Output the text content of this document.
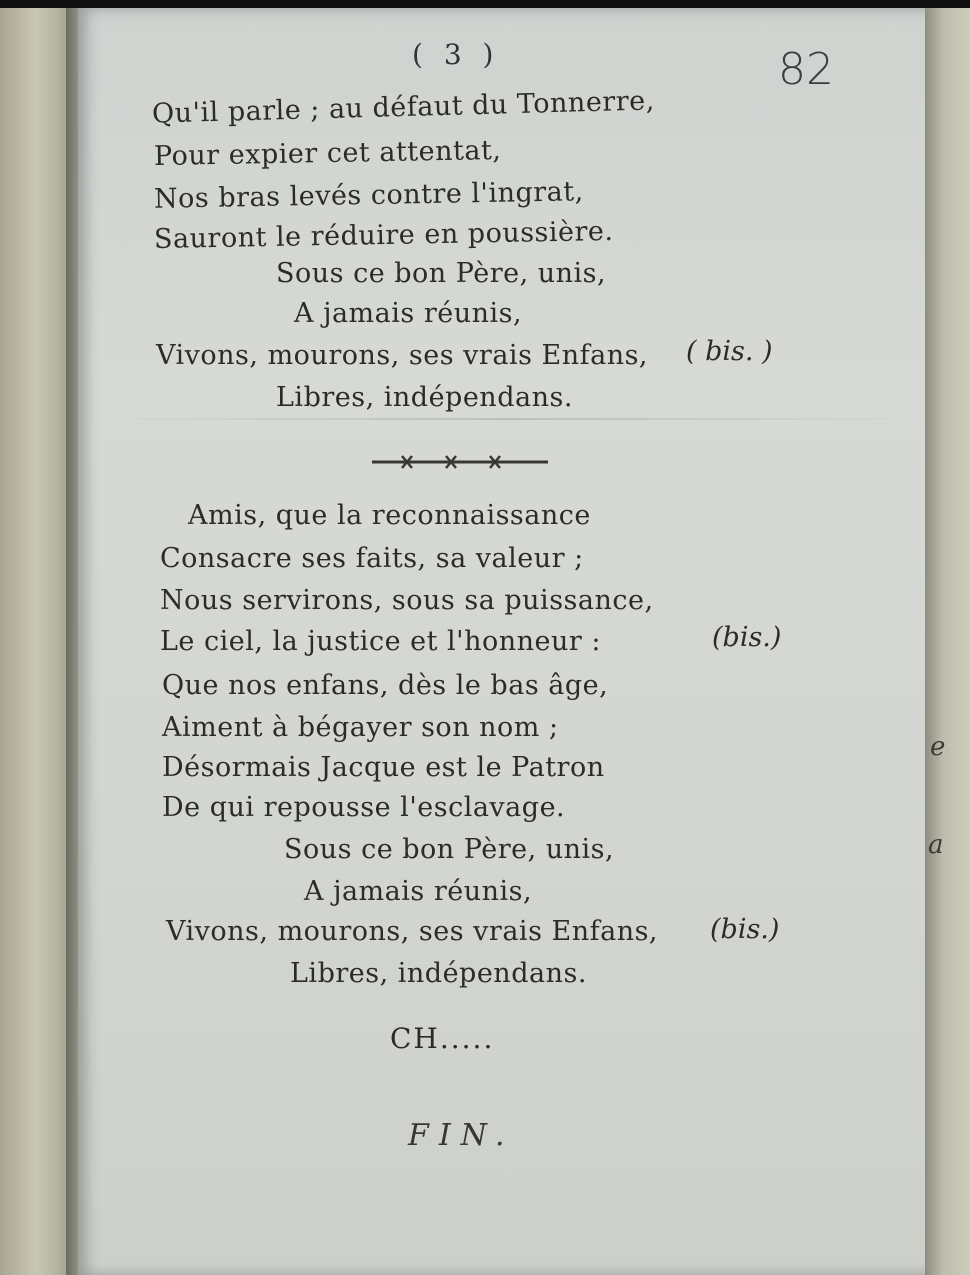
( 3 )	82
Qu'il parle ; au défaut du Tonnerre,
Pour expier cet attentat,
Nos bras levés contre l'ingrat,
Sauront le réduire en poussière.
Sous ce bon Père, unis,
A jamais réunis,
Vivons, mourons, ses vrais Enfans, ( bis. )
Libres, indépendans.
Amis, que la reconnaissance
Consacre ses faits, sa valeur ;
Nous servirons, sous sa puissance,
Le ciel, la justice et l'honneur :	(bis.)
Que nos enfans, dès le bas âge,
Aiment à bégayer son nom ;
Désormais Jacque est le Patron
De qui repousse l'esclavage.
Sous ce bon Père, unis,
A jamais réunis,
Vivons, mourons, ses vrais Enfans, (bis.)
Libres, indépendans.
CH.....
FIN.
e
a
